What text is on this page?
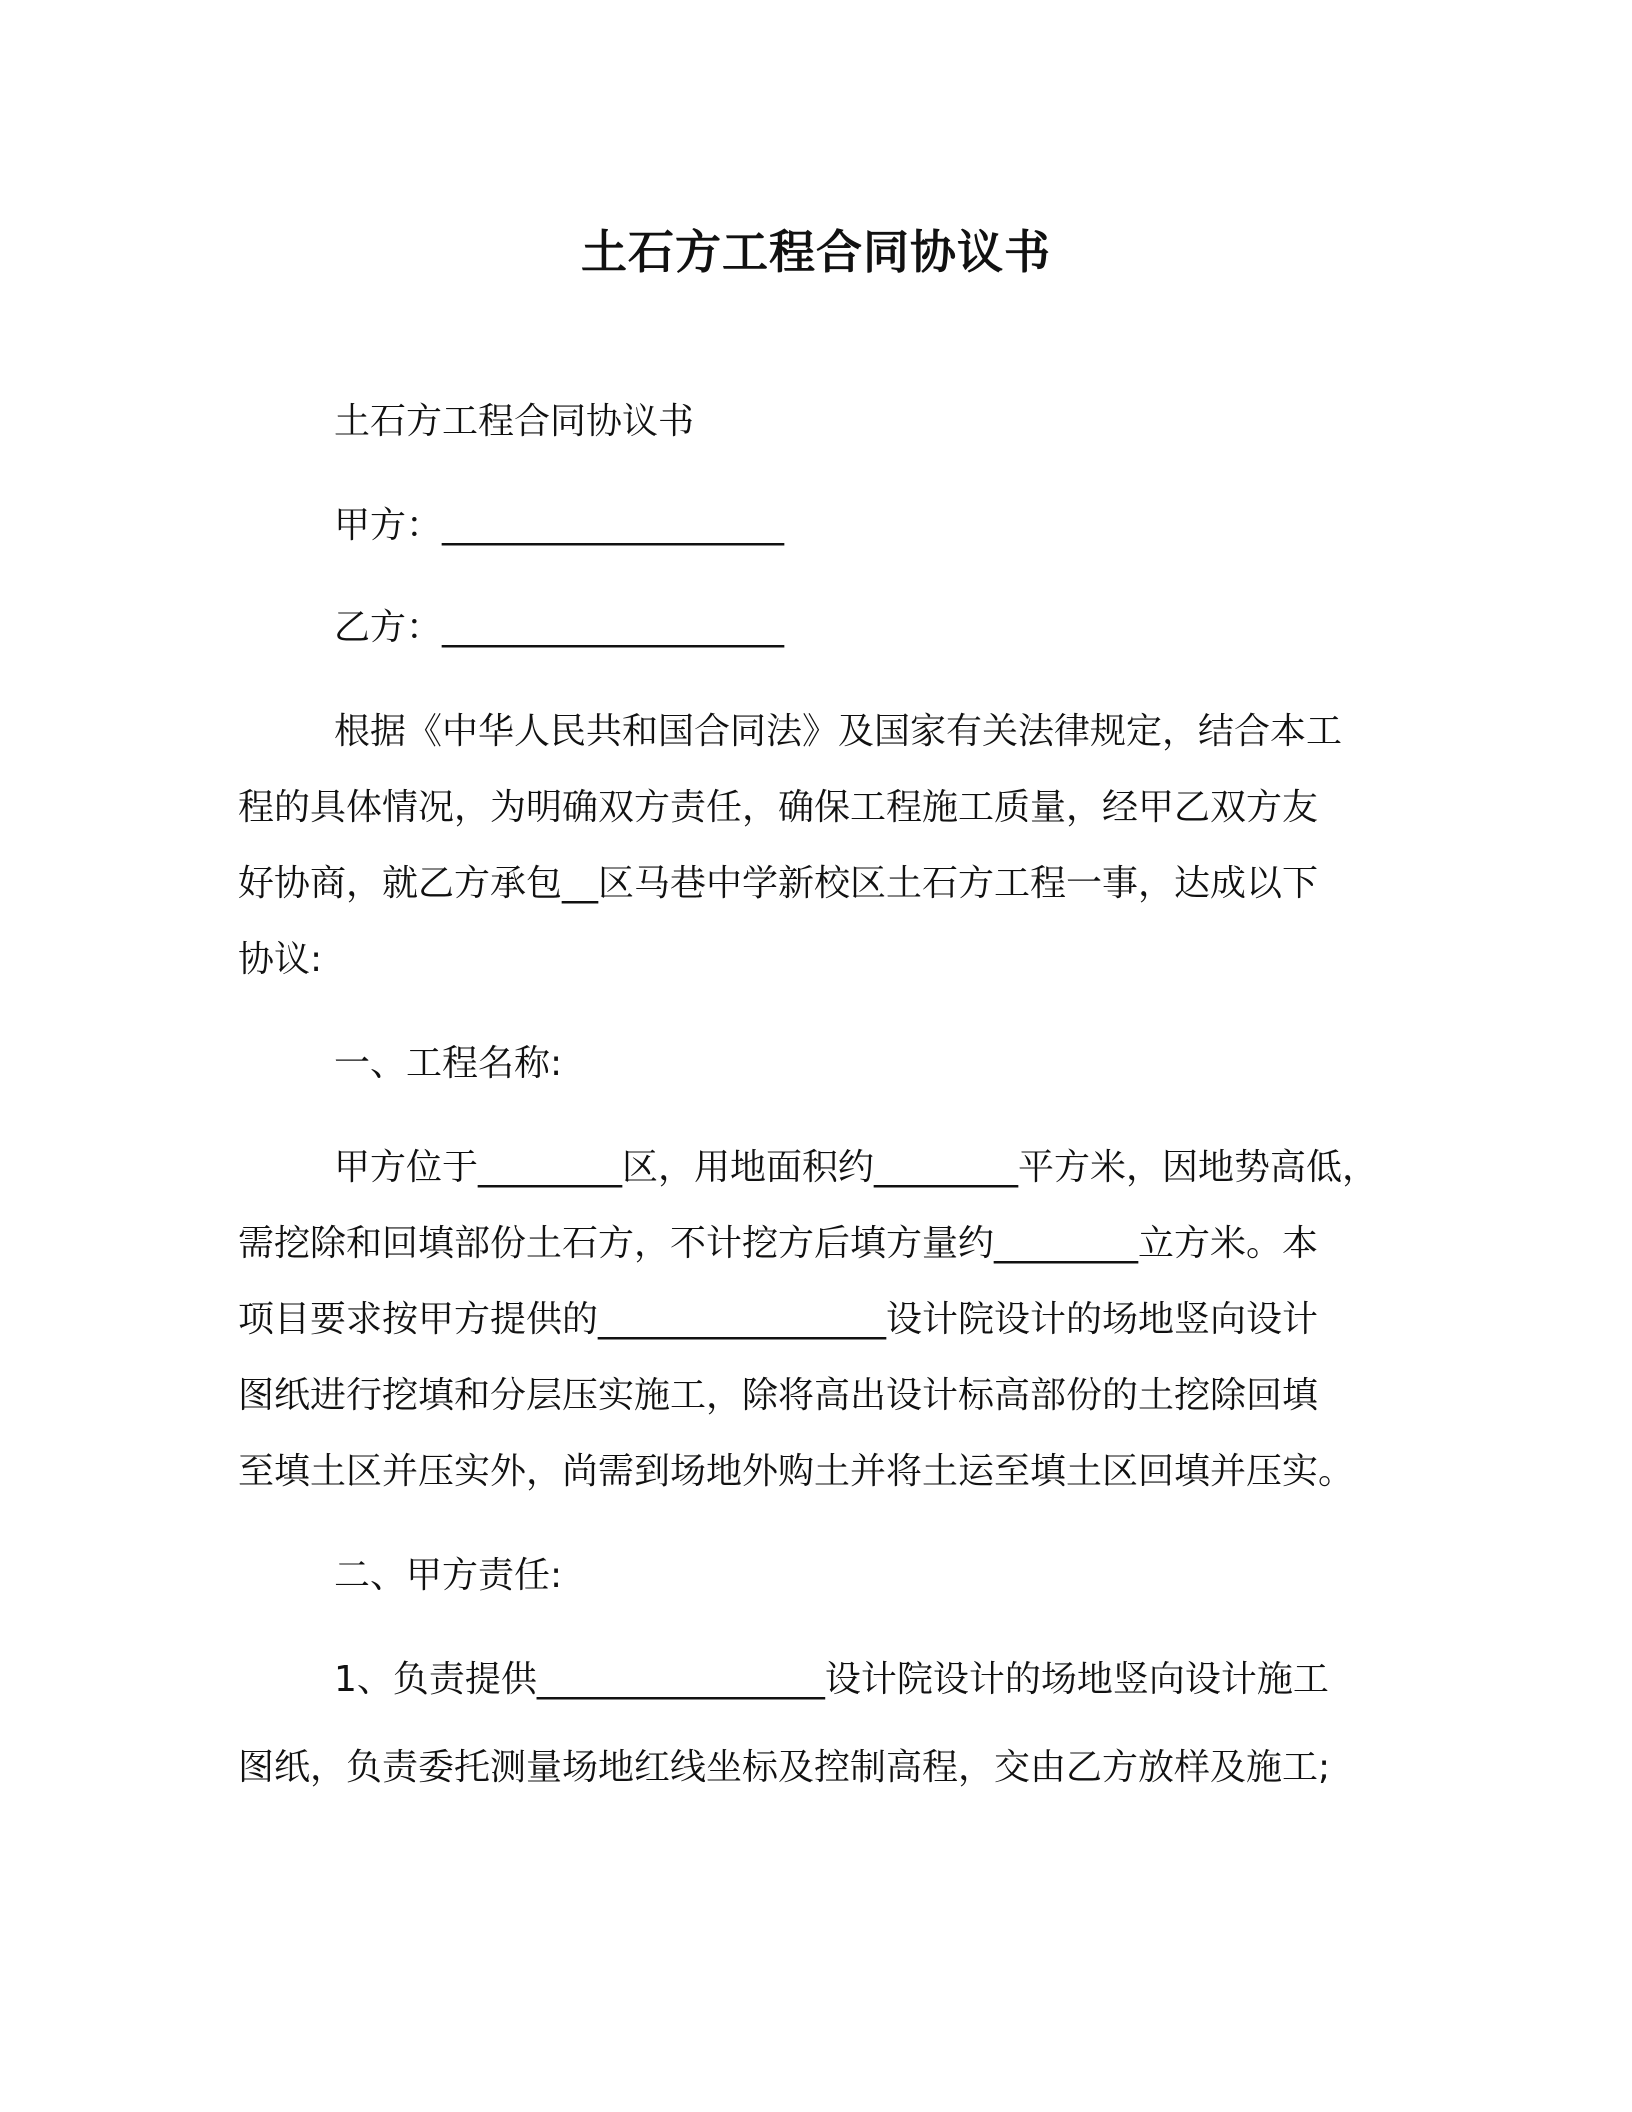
土石方工程合同协议书
土石方工程合同协议书
甲方：___________________
乙方：___________________
根据《中华人民共和国合同法》及国家有关法律规定，结合本工
程的具体情况，为明确双方责任，确保工程施工质量，经甲乙双方友
好协商，就乙方承包__区马巷中学新校区土石方工程一事，达成以下
协议:
一、工程名称:
甲方位于________区，用地面积约________平方米，因地势高低，
需挖除和回填部份土石方，不计挖方后填方量约________立方米。本
项目要求按甲方提供的________________设计院设计的场地竖向设计
图纸进行挖填和分层压实施工，除将高出设计标高部份的土挖除回填
至填土区并压实外，尚需到场地外购土并将土运至填土区回填并压实。
二、甲方责任:
1、负责提供________________设计院设计的场地竖向设计施工
图纸，负责委托测量场地红线坐标及控制高程，交由乙方放样及施工;
